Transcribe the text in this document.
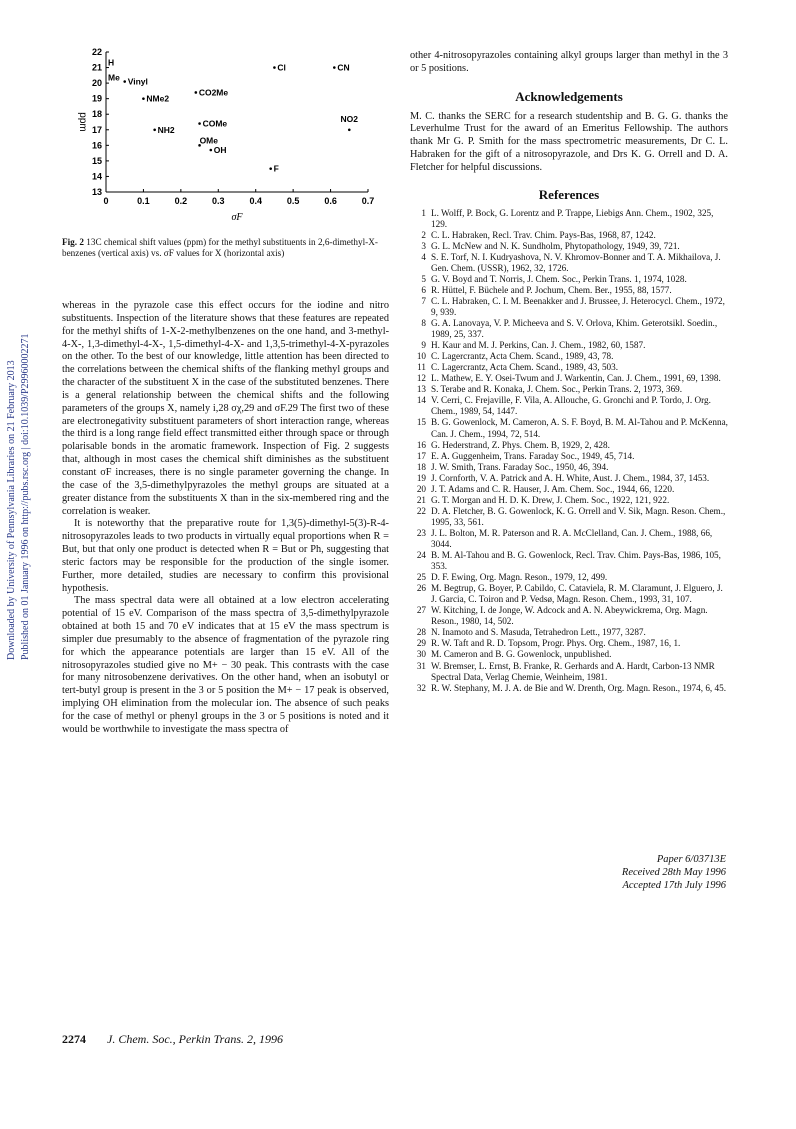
Downloaded by University of Pennsylvania Libraries on 21 February 2013 Published on 01 January 1996 on http://pubs.rsc.org | doi:10.1039/P29960002271
0	0.1	0.2	0.3	0.4	0.5	0.6	0.7
13
14
15
16
17
18
19
20
21
22
σF
ppm
H
Me Vinyl
NMe2
NH2
CO2Me
COMe
OMe
OH
Cl	CN
NO2
F
Fig. 2 13C chemical shift values (ppm) for the methyl substituents in 2,6-dimethyl-X-benzenes (vertical axis) vs. σF values for X (horizontal axis)

whereas in the pyrazole case this effect occurs for the iodine and nitro substituents. Inspection of the literature shows that these features are repeated for the methyl shifts of 1-X-2-methylbenzenes on the one hand, and 3-methyl-4-X-, 1,3-dimethyl-4-X-, 1,5-dimethyl-4-X- and 1,3,5-trimethyl-4-X-pyrazoles on the other. To the best of our knowledge, little attention has been directed to the correlations between the chemical shifts of the flanking methyl groups and the character of the substituent X in the case of the substituted benzenes. There is a general relationship between the chemical shifts and the following parameters of the groups X, namely i,28 σχ,29 and σF.29 The first two of these are electronegativity substituent parameters of short interaction range, whereas the third is a long range field effect transmitted either through space or through polarisable bonds in the aromatic framework. Inspection of Fig. 2 suggests that, although in most cases the chemical shift diminishes as the substituent constant σF increases, there is no single parameter governing the change. In the case of the 3,5-dimethylpyrazoles the methyl groups are situated at a greater distance from the substituents X than in the six-membered ring and the correlation is weaker.

It is noteworthy that the preparative route for 1,3(5)-dimethyl-5(3)-R-4-nitrosopyrazoles leads to two products in virtually equal proportions when R = But, but that only one product is detected when R = But or Ph, suggesting that steric factors may be responsible for the production of the single isomer. Further, more detailed, studies are necessary to confirm this provisional hypothesis.

The mass spectral data were all obtained at a low electron accelerating potential of 15 eV. Comparison of the mass spectra of 3,5-dimethylpyrazole obtained at both 15 and 70 eV indicates that at 15 eV the mass spectrum is simpler due presumably to the absence of fragmentation of the pyrazole ring for which the appearance potentials are larger than 15 eV. All of the nitrosopyrazoles studied give no M+ − 30 peak. This contrasts with the case for many nitrosobenzene derivatives. On the other hand, when an isobutyl or tert-butyl group is present in the 3 or 5 position the M+ − 17 peak is observed, implying OH elimination from the molecular ion. The absence of such peaks for the case of methyl or phenyl groups in the 3 or 5 positions is noted and it would be worthwhile to investigate the mass spectra of

other 4-nitrosopyrazoles containing alkyl groups larger than methyl in the 3 or 5 positions.

Acknowledgements

M. C. thanks the SERC for a research studentship and B. G. G. thanks the Leverhulme Trust for the award of an Emeritus Fellowship. The authors thank Mr G. P. Smith for the mass spectrometric measurements, Dr C. L. Habraken for the gift of a nitrosopyrazole, and Drs K. G. Orrell and D. A. Fletcher for helpful discussions.

References
1 L. Wolff, P. Bock, G. Lorentz and P. Trappe, Liebigs Ann. Chem., 1902, 325, 129.
2 C. L. Habraken, Recl. Trav. Chim. Pays-Bas, 1968, 87, 1242.
3 G. L. McNew and N. K. Sundholm, Phytopathology, 1949, 39, 721.
4 S. E. Torf, N. I. Kudryashova, N. V. Khromov-Bonner and T. A. Mikhailova, J. Gen. Chem. (USSR), 1962, 32, 1726.
5 G. V. Boyd and T. Norris, J. Chem. Soc., Perkin Trans. 1, 1974, 1028.
6 R. Hüttel, F. Büchele and P. Jochum, Chem. Ber., 1955, 88, 1577.
7 C. L. Habraken, C. I. M. Beenakker and J. Brussee, J. Heterocycl. Chem., 1972, 9, 939.
8 G. A. Lanovaya, V. P. Micheeva and S. V. Orlova, Khim. Geterotsikl. Soedin., 1989, 25, 337.
9 H. Kaur and M. J. Perkins, Can. J. Chem., 1982, 60, 1587.
10 C. Lagercrantz, Acta Chem. Scand., 1989, 43, 78.
11 C. Lagercrantz, Acta Chem. Scand., 1989, 43, 503.
12 L. Mathew, E. Y. Osei-Twum and J. Warkentin, Can. J. Chem., 1991, 69, 1398.
13 S. Terabe and R. Konaka, J. Chem. Soc., Perkin Trans. 2, 1973, 369.
14 V. Cerri, C. Frejaville, F. Vila, A. Allouche, G. Gronchi and P. Tordo, J. Org. Chem., 1989, 54, 1447.
15 B. G. Gowenlock, M. Cameron, A. S. F. Boyd, B. M. Al-Tahou and P. McKenna, Can. J. Chem., 1994, 72, 514.
16 G. Hederstrand, Z. Phys. Chem. B, 1929, 2, 428.
17 E. A. Guggenheim, Trans. Faraday Soc., 1949, 45, 714.
18 J. W. Smith, Trans. Faraday Soc., 1950, 46, 394.
19 J. Cornforth, V. A. Patrick and A. H. White, Aust. J. Chem., 1984, 37, 1453.
20 J. T. Adams and C. R. Hauser, J. Am. Chem. Soc., 1944, 66, 1220.
21 G. T. Morgan and H. D. K. Drew, J. Chem. Soc., 1922, 121, 922.
22 D. A. Fletcher, B. G. Gowenlock, K. G. Orrell and V. Sik, Magn. Reson. Chem., 1995, 33, 561.
23 J. L. Bolton, M. R. Paterson and R. A. McClelland, Can. J. Chem., 1988, 66, 3044.
24 B. M. Al-Tahou and B. G. Gowenlock, Recl. Trav. Chim. Pays-Bas, 1986, 105, 353.
25 D. F. Ewing, Org. Magn. Reson., 1979, 12, 499.
26 M. Begtrup, G. Boyer, P. Cabildo, C. Cataviela, R. M. Claramunt, J. Elguero, J. J. Garcia, C. Toiron and P. Vedsø, Magn. Reson. Chem., 1993, 31, 107.
27 W. Kitching, I. de Jonge, W. Adcock and A. N. Abeywickrema, Org. Magn. Reson., 1980, 14, 502.
28 N. Inamoto and S. Masuda, Tetrahedron Lett., 1977, 3287.
29 R. W. Taft and R. D. Topsom, Progr. Phys. Org. Chem., 1987, 16, 1.
30 M. Cameron and B. G. Gowenlock, unpublished.
31 W. Bremser, L. Ernst, B. Franke, R. Gerhards and A. Hardt, Carbon-13 NMR Spectral Data, Verlag Chemie, Weinheim, 1981.
32 R. W. Stephany, M. J. A. de Bie and W. Drenth, Org. Magn. Reson., 1974, 6, 45.
Paper 6/03713E
Received 28th May 1996
Accepted 17th July 1996
2274 J. Chem. Soc., Perkin Trans. 2, 1996
